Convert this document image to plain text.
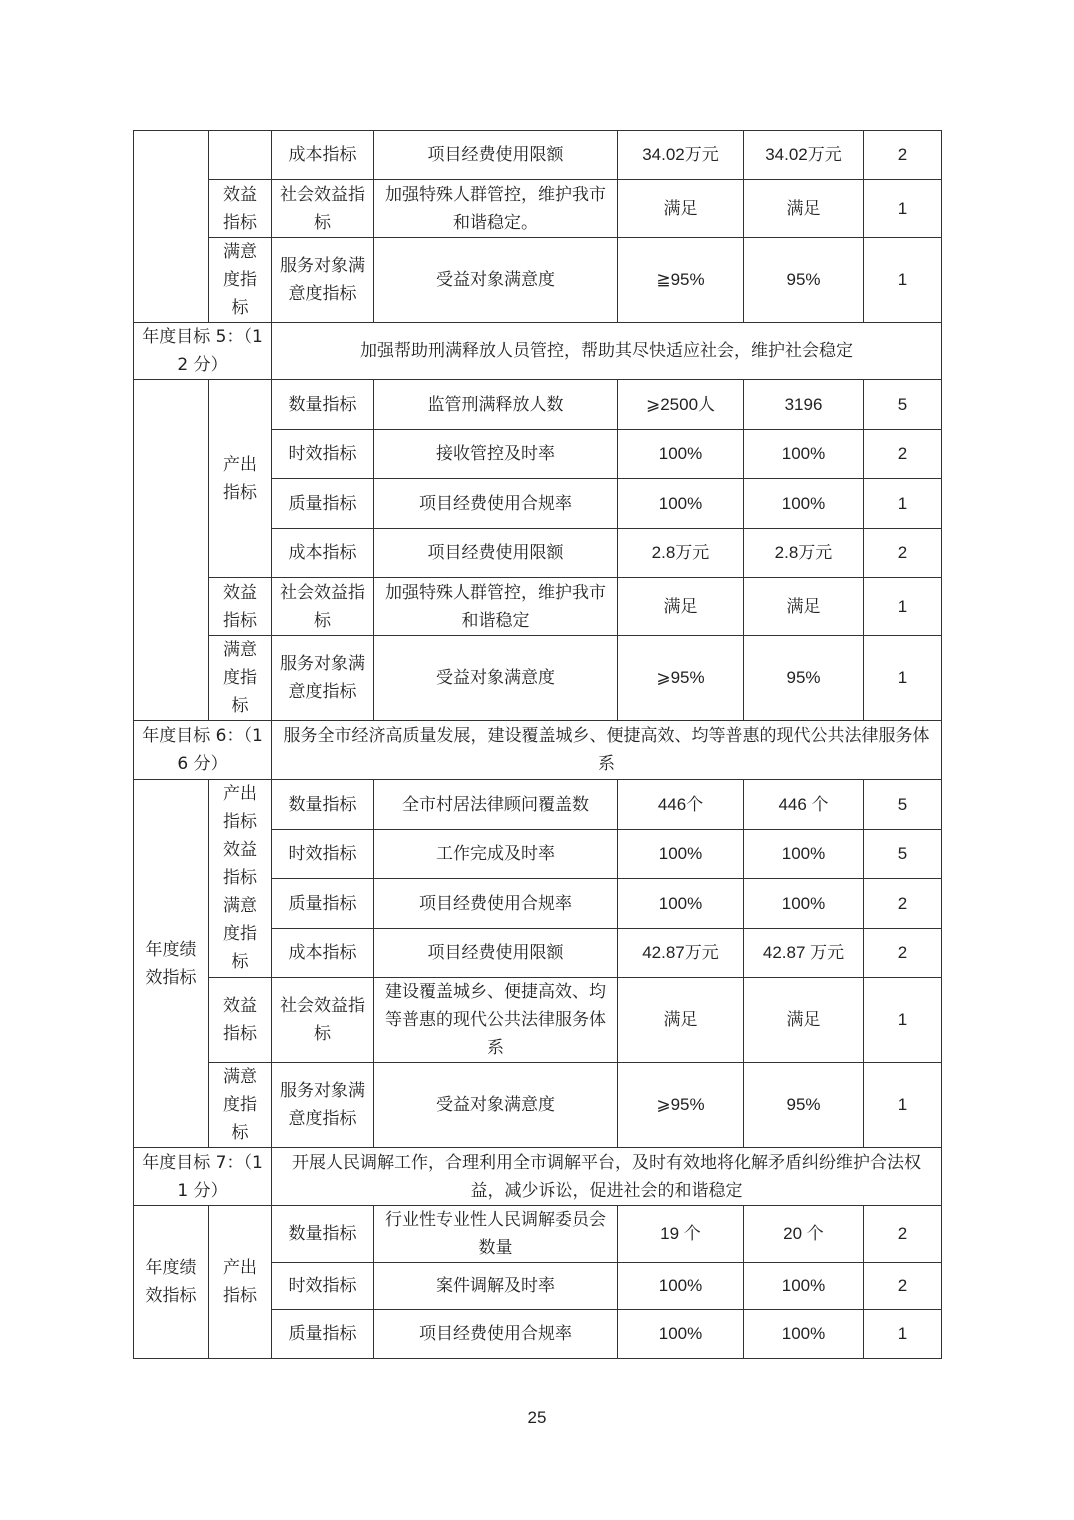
		成本指标	项目经费使用限额	34.02万元	34.02万元	2
	效益指标	社会效益指标	加强特殊人群管控，维护我市和谐稳定。	满足	满足	1
	满意度指标	服务对象满意度指标	受益对象满意度	≧95%	95%	1
年度目标 5：（12 分）		加强帮助刑满释放人员管控，帮助其尽快适应社会，维护社会稳定				
	产出指标	数量指标	监管刑满释放人数	⩾2500人	3196	5
		时效指标	接收管控及时率	100%	100%	2
		质量指标	项目经费使用合规率	100%	100%	1
		成本指标	项目经费使用限额	2.8万元	2.8万元	2
	效益指标	社会效益指标	加强特殊人群管控，维护我市和谐稳定	满足	满足	1
	满意度指标	服务对象满意度指标	受益对象满意度	⩾95%	95%	1
年度目标 6：（16 分）		服务全市经济高质量发展，建设覆盖城乡、便捷高效、均等普惠的现代公共法律服务体系				
年度绩效指标	产出指标效益指标满意度指标	数量指标	全市村居法律顾问覆盖数	446个	446 个	5
		时效指标	工作完成及时率	100%	100%	5
		质量指标	项目经费使用合规率	100%	100%	2
		成本指标	项目经费使用限额	42.87万元	42.87 万元	2
	效益指标	社会效益指标	建设覆盖城乡、便捷高效、均等普惠的现代公共法律服务体系	满足	满足	1
	满意度指标	服务对象满意度指标	受益对象满意度	⩾95%	95%	1
年度目标 7：（11 分）		开展人民调解工作，合理利用全市调解平台，及时有效地将化解矛盾纠纷维护合法权益，减少诉讼，促进社会的和谐稳定				
年度绩效指标	产出指标	数量指标	行业性专业性人民调解委员会数量	19 个	20 个	2
		时效指标	案件调解及时率	100%	100%	2
		质量指标	项目经费使用合规率	100%	100%	1
25
